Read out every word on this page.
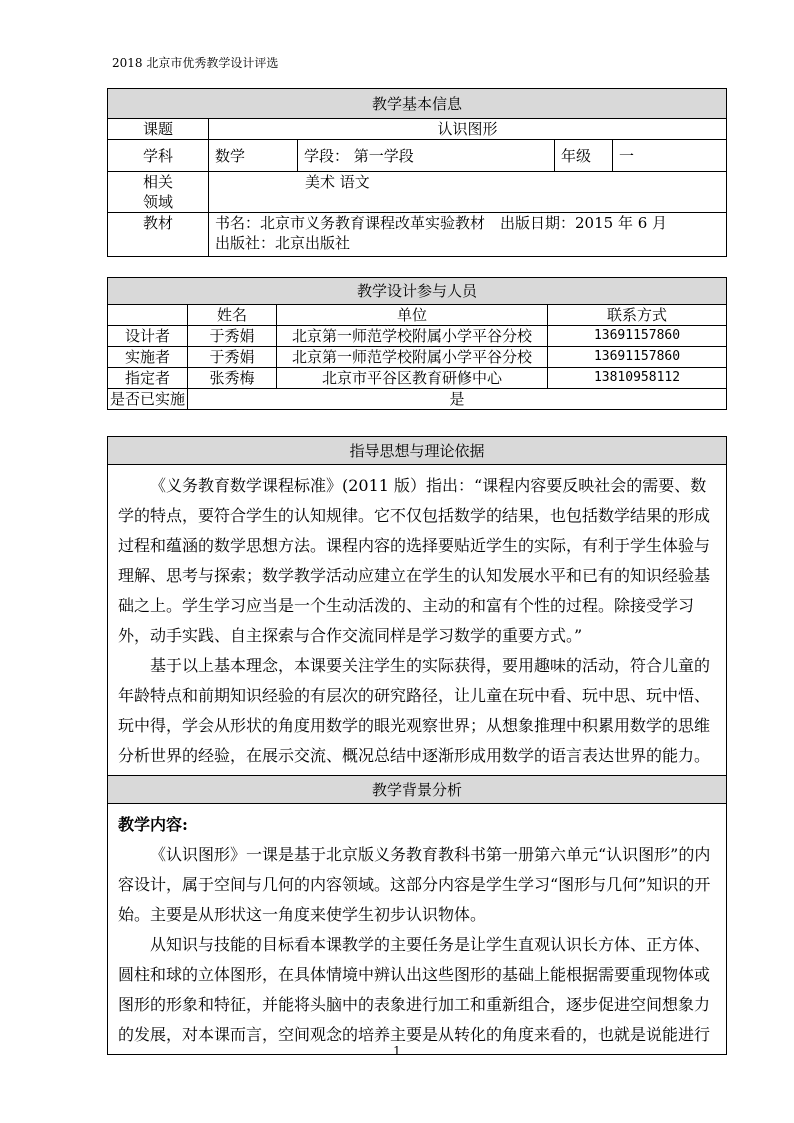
2018 北京市优秀教学设计评选
教学基本信息				
课题	认识图形			
学科	数学	学段： 第一学段	年级	一

相关
领域	美术 语文			
教材	书名：北京市义务教育课程改革实验教材　出版日期：2015 年 6 月
出版社：北京出版社			
教学设计参与人员			
	姓名	单位	联系方式
设计者	于秀娟	北京第一师范学校附属小学平谷分校	13691157860
实施者	于秀娟	北京第一师范学校附属小学平谷分校	13691157860
指定者	张秀梅	北京市平谷区教育研修中心	13810958112
是否已实施	是		
指导思想与理论依据

《义务教育数学课程标准》(2011 版）指出：“课程内容要反映社会的需要、数学的特点，要符合学生的认知规律。它不仅包括数学的结果，也包括数学结果的形成过程和蕴涵的数学思想方法。课程内容的选择要贴近学生的实际，有利于学生体验与理解、思考与探索；数学教学活动应建立在学生的认知发展水平和已有的知识经验基础之上。学生学习应当是一个生动活泼的、主动的和富有个性的过程。除接受学习外，动手实践、自主探索与合作交流同样是学习数学的重要方式。”

基于以上基本理念，本课要关注学生的实际获得，要用趣味的活动，符合儿童的年龄特点和前期知识经验的有层次的研究路径，让儿童在玩中看、玩中思、玩中悟、玩中得，学会从形状的角度用数学的眼光观察世界；从想象推理中积累用数学的思维分析世界的经验，在展示交流、概况总结中逐渐形成用数学的语言表达世界的能力。

教学背景分析

教学内容:

《认识图形》一课是基于北京版义务教育教科书第一册第六单元“认识图形”的内容设计，属于空间与几何的内容领域。这部分内容是学生学习“图形与几何”知识的开始。主要是从形状这一角度来使学生初步认识物体。

从知识与技能的目标看本课教学的主要任务是让学生直观认识长方体、正方体、圆柱和球的立体图形，在具体情境中辨认出这些图形的基础上能根据需要重现物体或图形的形象和特征，并能将头脑中的表象进行加工和重新组合，逐步促进空间想象力的发展，对本课而言，空间观念的培养主要是从转化的角度来看的，也就是说能进行

1
